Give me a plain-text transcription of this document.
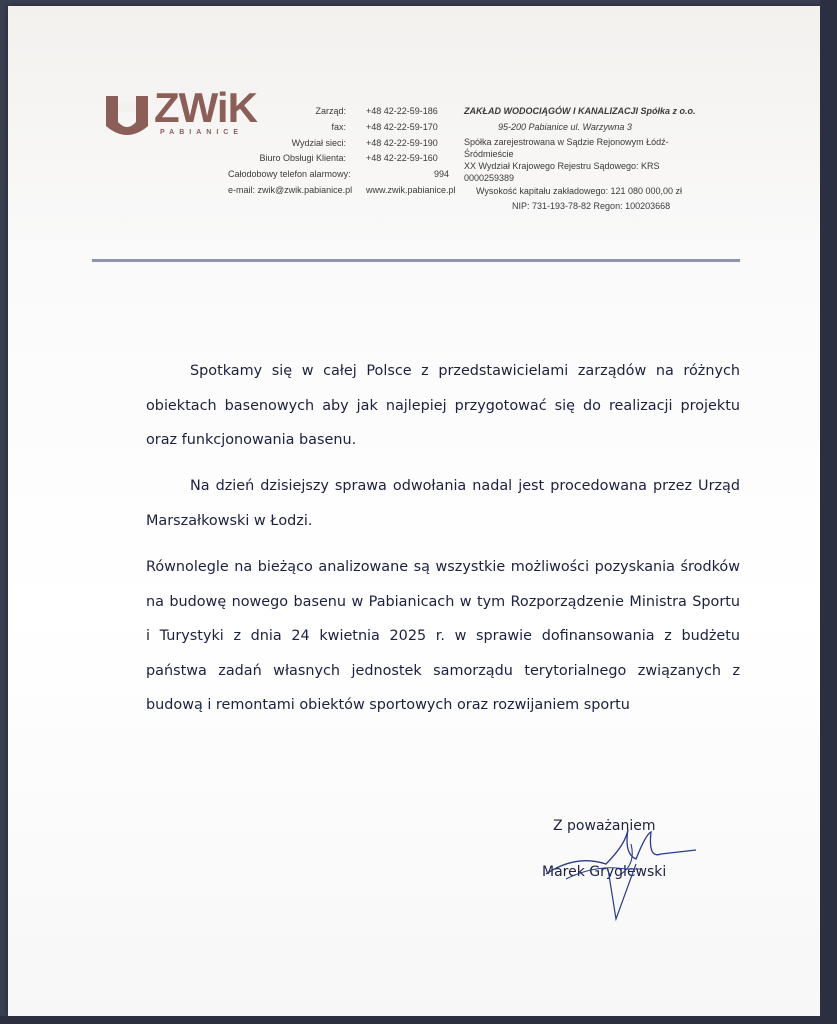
ZWiK
PABIANICE
Zarząd:
fax:
Wydział sieci:
Biuro Obsługi Klienta:
Całodobowy telefon alarmowy:
e-mail: zwik@zwik.pabianice.pl
+48 42-22-59-186
+48 42-22-59-170
+48 42-22-59-190
+48 42-22-59-160
994
www.zwik.pabianice.pl
ZAKŁAD WODOCIĄGÓW I KANALIZACJI Spółka z o.o.
95-200 Pabianice ul. Warzywna 3
Spółka zarejestrowana w Sądzie Rejonowym Łódź-Śródmieście
XX Wydział Krajowego Rejestru Sądowego: KRS 0000259389
Wysokość kapitału zakładowego: 121 080 000,00 zł
NIP: 731-193-78-82 Regon: 100203668
Spotkamy się w całej Polsce z przedstawicielami zarządów na różnych obiektach basenowych aby jak najlepiej przygotować się do realizacji projektu oraz funkcjonowania basenu.
Na dzień dzisiejszy sprawa odwołania nadal jest procedowana przez Urząd Marszałkowski w Łodzi.
Równolegle na bieżąco analizowane są wszystkie możliwości pozyskania środków na budowę nowego basenu w Pabianicach w tym Rozporządzenie Ministra Sportu i Turystyki z dnia 24 kwietnia 2025 r. w sprawie dofinansowania z budżetu państwa zadań własnych jednostek samorządu terytorialnego związanych z budową i remontami obiektów sportowych oraz rozwijaniem sportu
Z poważaniem
Marek Gryglewski
